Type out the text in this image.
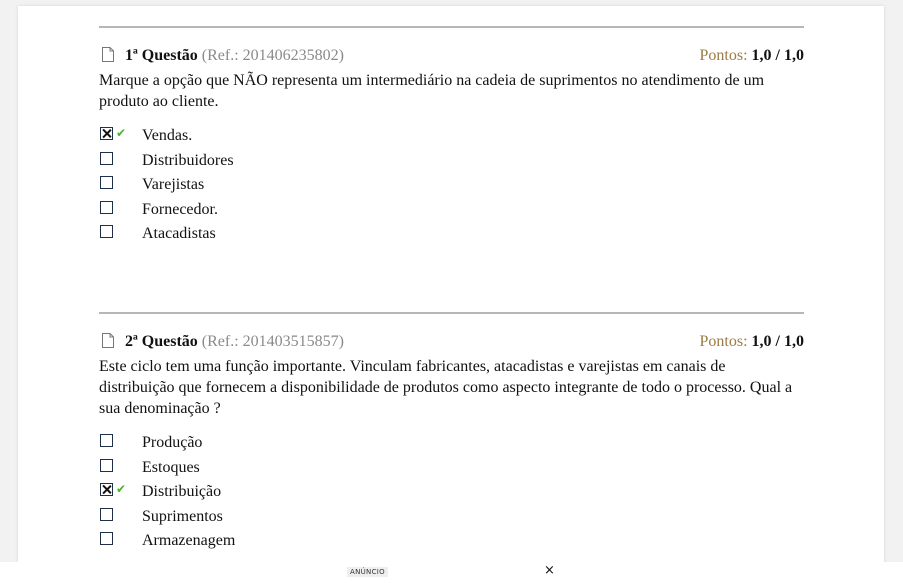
1ª Questão (Ref.: 201406235802)	Pontos: 1,0 / 1,0
Marque a opção que NÃO representa um intermediário na cadeia de suprimentos no atendimento de um produto ao cliente.
✔ Vendas.
Distribuidores
Varejistas
Fornecedor.
Atacadistas
2ª Questão (Ref.: 201403515857)	Pontos: 1,0 / 1,0
Este ciclo tem uma função importante. Vinculam fabricantes, atacadistas e varejistas em canais de distribuição que fornecem a disponibilidade de produtos como aspecto integrante de todo o processo. Qual a sua denominação ?
Produção
Estoques
✔ Distribuição
Suprimentos
Armazenagem
ANÚNCIO	×
